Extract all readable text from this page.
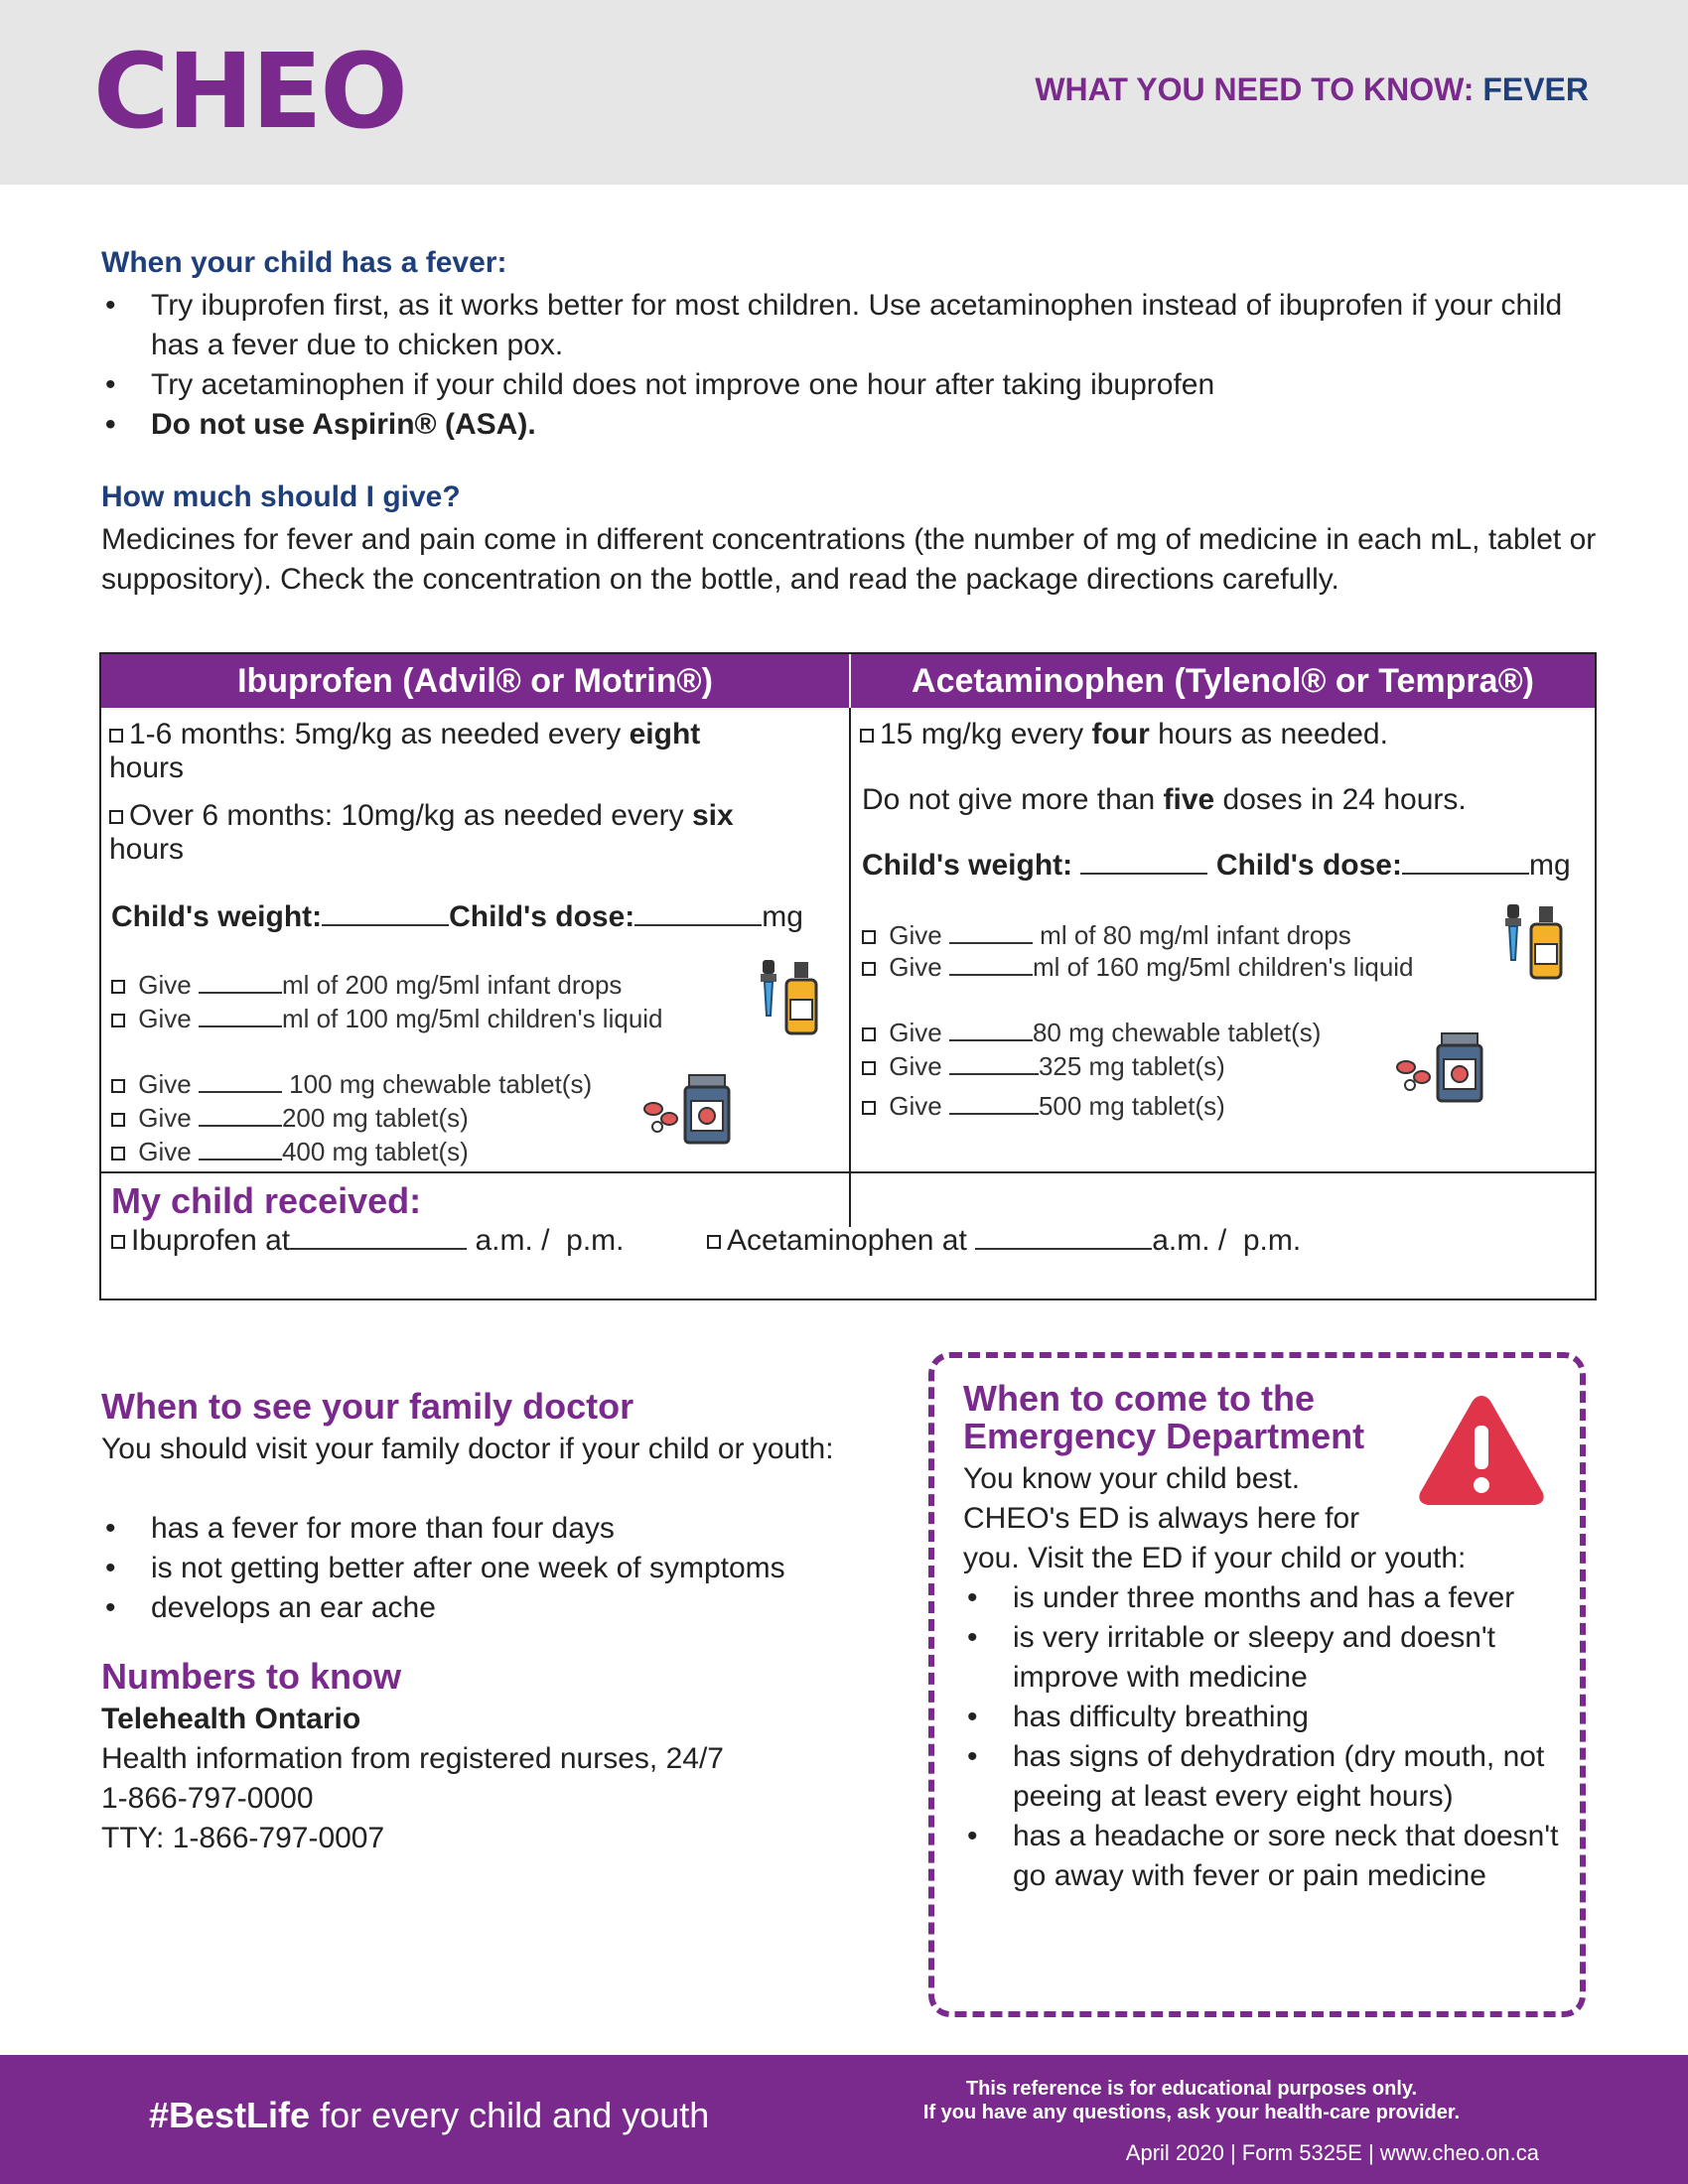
CHEO	WHAT YOU NEED TO KNOW: FEVER
When your child has a fever:
• Try ibuprofen first, as it works better for most children. Use acetaminophen instead of ibuprofen if your child has a fever due to chicken pox.
• Try acetaminophen if your child does not improve one hour after taking ibuprofen
• Do not use Aspirin® (ASA).
How much should I give?
Medicines for fever and pain come in different concentrations (the number of mg of medicine in each mL, tablet or suppository). Check the concentration on the bottle, and read the package directions carefully.
Ibuprofen (Advil® or Motrin®)	Acetaminophen (Tylenol® or Tempra®)
1-6 months: 5mg/kg as needed every eight
hours
Over 6 months: 10mg/kg as needed every six
hours
Child's weight:	Child's dose:	mg
Give	ml of 200 mg/5ml infant drops
Give	ml of 100 mg/5ml children's liquid
Give	100 mg chewable tablet(s)
Give	200 mg tablet(s)
Give	400 mg tablet(s)
15 mg/kg every four hours as needed.
Do not give more than five doses in 24 hours.
Child's weight:	Child's dose:	mg
Give	ml of 80 mg/ml infant drops
Give	ml of 160 mg/5ml children's liquid
Give	80 mg chewable tablet(s)
Give	325 mg tablet(s)
Give	500 mg tablet(s)
My child received:
Ibuprofen at	a.m. / p.m.	Acetaminophen at	a.m. / p.m.
When to see your family doctor
You should visit your family doctor if your child or youth:
• has a fever for more than four days
• is not getting better after one week of symptoms
• develops an ear ache
Numbers to know
Telehealth Ontario
Health information from registered nurses, 24/7
1-866-797-0000
TTY: 1-866-797-0007
When to come to the
Emergency Department
You know your child best.
CHEO's ED is always here for
you. Visit the ED if your child or youth:
• is under three months and has a fever
• is very irritable or sleepy and doesn't improve with medicine
• has difficulty breathing
• has signs of dehydration (dry mouth, not peeing at least every eight hours)
• has a headache or sore neck that doesn't go away with fever or pain medicine
#BestLife for every child and youth
This reference is for educational purposes only.
If you have any questions, ask your health-care provider.
April 2020 | Form 5325E | www.cheo.on.ca
